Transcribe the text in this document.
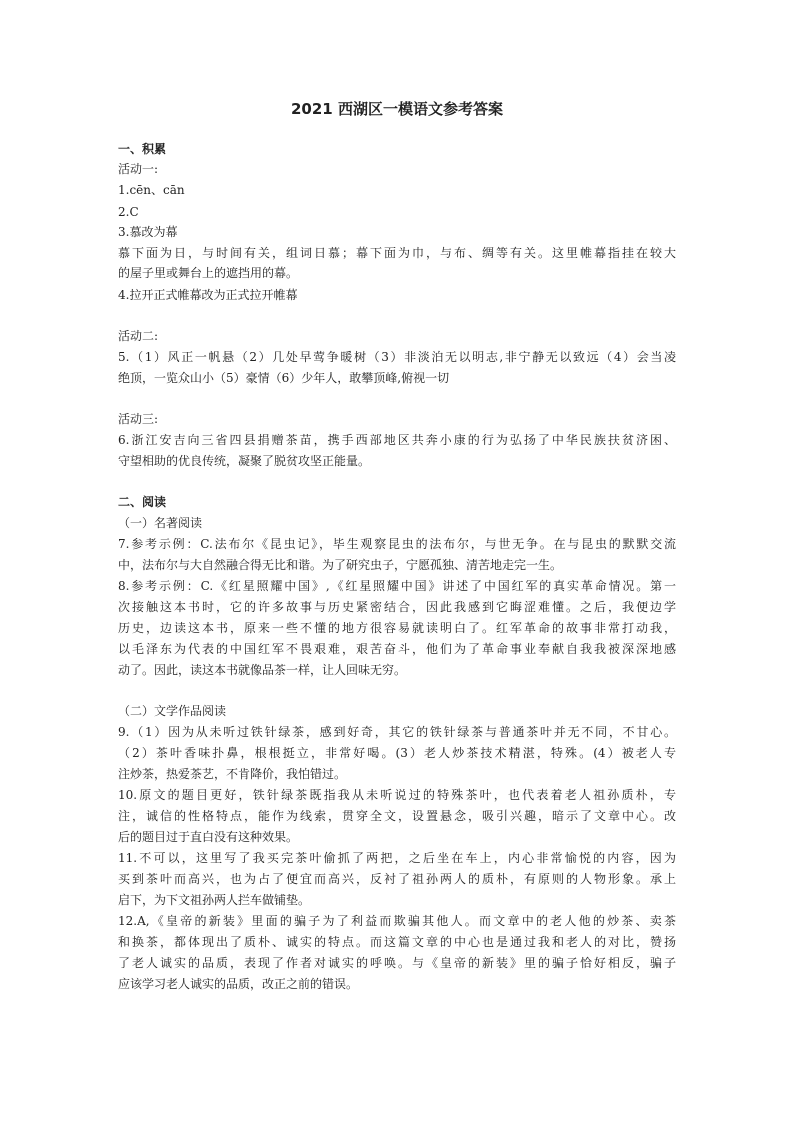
2021 西湖区一模语文参考答案
一、积累
活动一:
1.cēn、cān
2.C
3.慕改为幕
慕下面为日，与时间有关，组词日慕；幕下面为巾，与布、绸等有关。这里帷幕指挂在较大
的屋子里或舞台上的遮挡用的幕。
4.拉开正式帷幕改为正式拉开帷幕
活动二:
5.（1）风正一帆悬（2）几处早莺争暖树（3）非淡泊无以明志,非宁静无以致远（4）会当凌
绝顶，一览众山小（5）豪情（6）少年人，敢攀顶峰,俯视一切
活动三:
6.浙江安吉向三省四县捐赠茶苗，携手西部地区共奔小康的行为弘扬了中华民族扶贫济困、
守望相助的优良传统，凝聚了脱贫攻坚正能量。
二、阅读
（一）名著阅读
7.参考示例：C.法布尔《昆虫记》，毕生观察昆虫的法布尔，与世无争。在与昆虫的默默交流
中，法布尔与大自然融合得无比和谐。为了研究虫子，宁愿孤独、清苦地走完一生。
8.参考示例：C.《红星照耀中国》,《红星照耀中国》讲述了中国红军的真实革命情况。第一
次接触这本书时，它的许多故事与历史紧密结合，因此我感到它晦涩难懂。之后，我便边学
历史，边读这本书，原来一些不懂的地方很容易就读明白了。红军革命的故事非常打动我，
以毛泽东为代表的中国红军不畏艰难，艰苦奋斗，他们为了革命事业奉献自我我被深深地感
动了。因此，读这本书就像品茶一样，让人回味无穷。
（二）文学作品阅读
9.（1）因为从未听过铁针绿茶，感到好奇，其它的铁针绿茶与普通茶叶并无不同，不甘心。
（2）茶叶香味扑鼻，根根挺立，非常好喝。(3）老人炒茶技术精湛，特殊。(4）被老人专
注炒茶，热爱茶艺，不肯降价，我怕错过。
10.原文的题目更好，铁针绿茶既指我从未听说过的特殊茶叶，也代表着老人祖孙质朴，专
注，诚信的性格特点，能作为线索，贯穿全文，设置悬念，吸引兴趣，暗示了文章中心。改
后的题目过于直白没有这种效果。
11.不可以，这里写了我买完茶叶偷抓了两把，之后坐在车上，内心非常愉悦的内容，因为
买到茶叶而高兴，也为占了便宜而高兴，反衬了祖孙两人的质朴，有原则的人物形象。承上
启下，为下文祖孙两人拦车做铺垫。
12.A,《皇帝的新装》里面的骗子为了利益而欺骗其他人。而文章中的老人他的炒茶、卖茶
和换茶，都体现出了质朴、诚实的特点。而这篇文章的中心也是通过我和老人的对比，赞扬
了老人诚实的品质，表现了作者对诚实的呼唤。与《皇帝的新装》里的骗子恰好相反，骗子
应该学习老人诚实的品质，改正之前的错误。
